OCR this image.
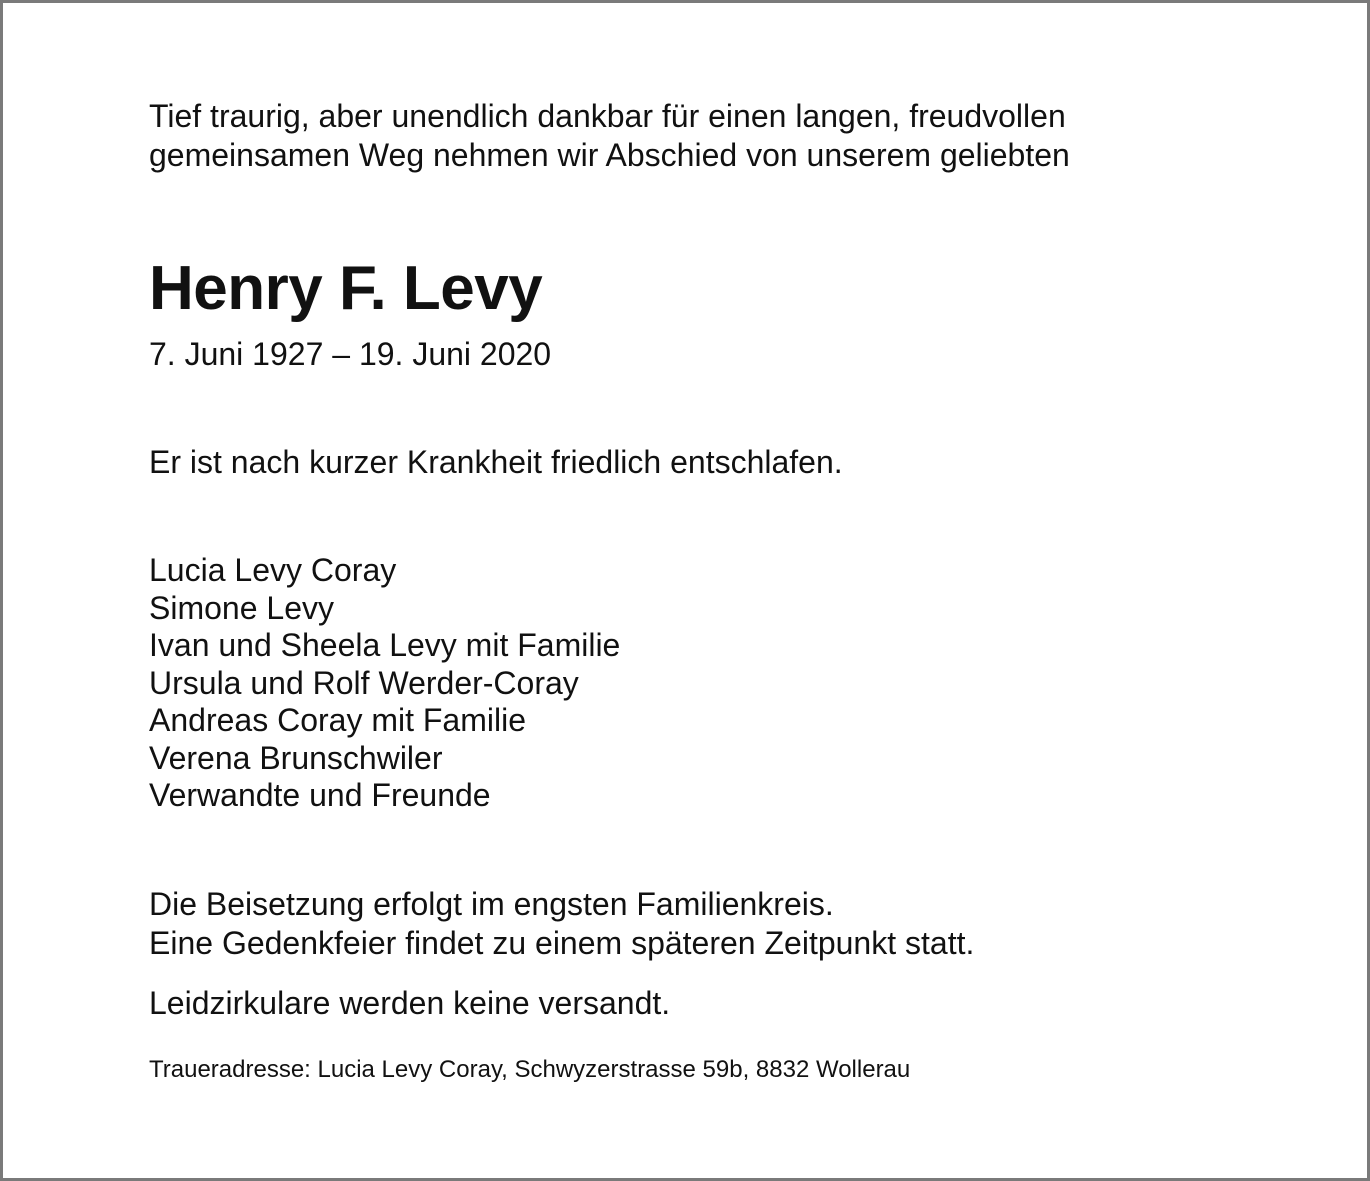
Tief traurig, aber unendlich dankbar für einen langen, freudvollen
gemeinsamen Weg nehmen wir Abschied von unserem geliebten

Henry F. Levy

7. Juni 1927 – 19. Juni 2020

Er ist nach kurzer Krankheit friedlich entschlafen.

Lucia Levy Coray
Simone Levy
Ivan und Sheela Levy mit Familie
Ursula und Rolf Werder-Coray
Andreas Coray mit Familie
Verena Brunschwiler
Verwandte und Freunde

Die Beisetzung erfolgt im engsten Familienkreis.
Eine Gedenkfeier findet zu einem späteren Zeitpunkt statt.

Leidzirkulare werden keine versandt.

Traueradresse: Lucia Levy Coray, Schwyzerstrasse 59b, 8832 Wollerau
